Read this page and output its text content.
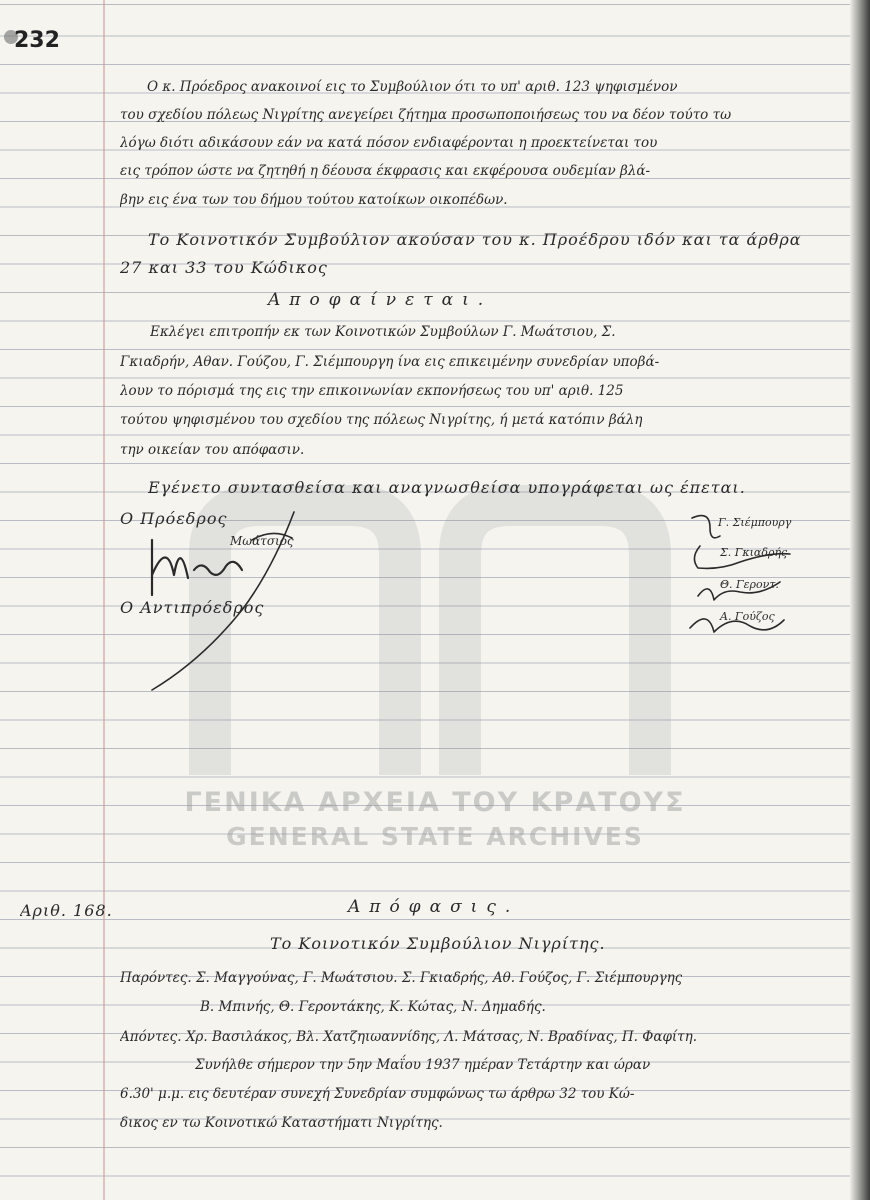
232
Ο κ. Πρόεδρος ανακοινοί εις το Συμβούλιον ότι το υπ' αριθ. 123 ψηφισμένον
του σχεδίου πόλεως Νιγρίτης ανεγείρει ζήτημα προσωποποιήσεως του να δέον τούτο τω
λόγω διότι αδικάσουν εάν να κατά πόσον ενδιαφέρονται η προεκτείνεται του
εις τρόπον ώστε να ζητηθή η δέουσα έκφρασις και εκφέρουσα ουδεμίαν βλά-
βην εις ένα των του δήμου τούτου κατοίκων οικοπέδων.
Το Κοινοτικόν Συμβούλιον ακούσαν του κ. Προέδρου ιδόν και τα άρθρα
27 και 33 του Κώδικος
Αποφαίνεται.
Εκλέγει επιτροπήν εκ των Κοινοτικών Συμβούλων Γ. Μωάτσιου, Σ.
Γκιαδρήν, Αθαν. Γούζου, Γ. Σιέμπουργη ίνα εις επικειμένην συνεδρίαν υποβά-
λουν το πόρισμά της εις την επικοινωνίαν εκπονήσεως του υπ' αριθ. 125
τούτου ψηφισμένου του σχεδίου της πόλεως Νιγρίτης, ή μετά κατόπιν βάλη
την οικείαν του απόφασιν.
Εγένετο συντασθείσα και αναγνωσθείσα υπογράφεται ως έπεται.
Ο Πρόεδρος
Μωάτσιος
Ο Αντιπρόεδρος
Γ. Σιέμπουργ
Σ. Γκιαδρής
Θ. Γεροντ.
Α. Γούζος
ΓΕΝΙΚΑ ΑΡΧΕΙΑ ΤΟΥ ΚΡΑΤΟΥΣ
GENERAL STATE ARCHIVES
Αριθ. 168.	Απόφασις.
Το Κοινοτικόν Συμβούλιον Νιγρίτης.
Παρόντες. Σ. Μαγγούνας, Γ. Μωάτσιου. Σ. Γκιαδρής, Αθ. Γούζος, Γ. Σιέμπουργης
Β. Μπινής, Θ. Γεροντάκης, Κ. Κώτας, Ν. Δημαδής.
Απόντες. Χρ. Βασιλάκος, Βλ. Χατζηιωαννίδης, Λ. Μάτσας, Ν. Βραδίνας, Π. Φαφίτη.
Συνήλθε σήμερον την 5ην Μαΐου 1937 ημέραν Τετάρτην και ώραν
6.30' μ.μ. εις δευτέραν συνεχή Συνεδρίαν συμφώνως τω άρθρω 32 του Κώ-
δικος εν τω Κοινοτικώ Καταστήματι Νιγρίτης.
